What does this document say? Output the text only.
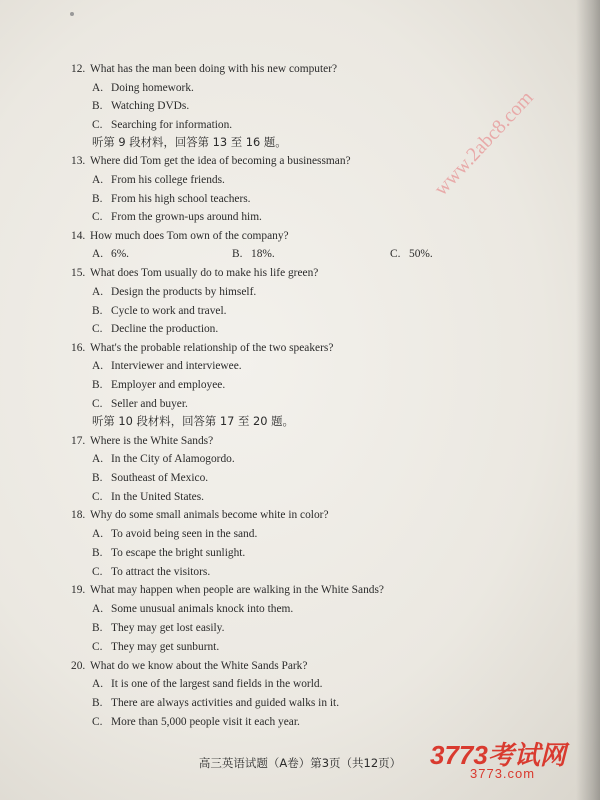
12. What has the man been doing with his new computer?
A. Doing homework.
B. Watching DVDs.
C. Searching for information.
听第 9 段材料，回答第 13 至 16 题。
13. Where did Tom get the idea of becoming a businessman?
A. From his college friends.
B. From his high school teachers.
C. From the grown-ups around him.
14. How much does Tom own of the company?
A. 6%.	B. 18%.	C. 50%.
15. What does Tom usually do to make his life green?
A. Design the products by himself.
B. Cycle to work and travel.
C. Decline the production.
16. What's the probable relationship of the two speakers?
A. Interviewer and interviewee.
B. Employer and employee.
C. Seller and buyer.
听第 10 段材料，回答第 17 至 20 题。
17. Where is the White Sands?
A. In the City of Alamogordo.
B. Southeast of Mexico.
C. In the United States.
18. Why do some small animals become white in color?
A. To avoid being seen in the sand.
B. To escape the bright sunlight.
C. To attract the visitors.
19. What may happen when people are walking in the White Sands?
A. Some unusual animals knock into them.
B. They may get lost easily.
C. They may get sunburnt.
20. What do we know about the White Sands Park?
A. It is one of the largest sand fields in the world.
B. There are always activities and guided walks in it.
C. More than 5,000 people visit it each year.
www.2abc8.com
高三英语试题（A卷）第3页（共12页）	3773考试网
3773.com
